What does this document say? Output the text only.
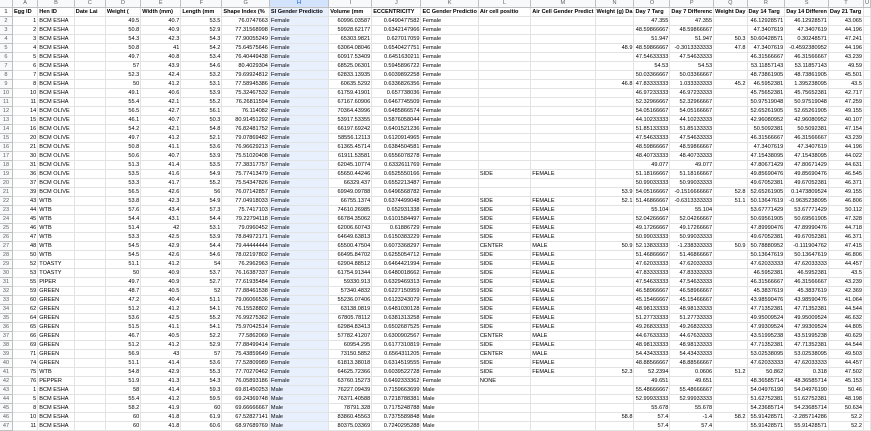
	A	B	C	D	E	F	G	H	I	J	K	L	M	N	O	P	Q	R	S	T	U
1	Egg ID	Hen ID	Date Lai	Weight (	Width (mm)	Length (mm	Shape Index (%	SI Gender Predictio	Volume (mm	ECCENTRICITY	EC Gender Predictio	Air cell positio	Air Cell Gender Predict	Weight (g) Da	Day 7 Targ	Day 7 Differenc	Weight Day	Day 14 Targ	Day 14 Differen	Day 21 Targ	
2	1	BCM ESHA		49.5	40.7	53.5	76.0747663	Female	60996.03587	0.6490477582	Female				47.355	47.355		46.12928571	46.12928571	43.065	
3	2	BCM ESHA		50.8	40.9	52.9	77.31568998	Female	59928.62177	0.6342147966	Female				48.59866667	48.59866667		47.3407619	47.3407619	44.196	
4	3	BCM ESHA		54.3	42.3	54.3	77.90055249	Female	65303.9821	0.627017059	Female				51.947	51.947	50.3	50.60428571	0.30248571	47.241	
5	4	BCM ESHA		50.8	41	54.2	75.64575646	Female	63064.08046	0.6540427751	Female			48.9	48.59866667	-0.3013333333	47.8	47.3407619	-0.4592380952	44.196	
6	5	BCM ESHA		49.7	40.8	53.4	76.40449438	Female	60917.53409	0.6451630211	Female				47.54633333	47.54633333		46.31566667	46.31566667	43.239	
7	6	BCM ESHA		57	43.9	54.6	80.4029304	Female	68525.06301	0.5945896722	Female				54.53	54.53		53.11857143	53.11857143	49.59	
8	7	BCM ESHA		52.3	42.4	53.2	79.69924812	Female	62833.13935	0.6039892258	Female				50.03366667	50.03366667		48.73861905	48.73861905	45.501	
9	8	BCM ESHA		50	41.2	53.1	77.58945386	Female	60635.5292	0.6336826356	Female			46.8	47.83333333	1.033333333	45.2	46.5952381	1.395238095	43.5	
10	10	BCM ESHA		49.1	40.6	53.9	75.32467532	Female	61759.41901	0.657738036	Female				46.97233333	46.97233333		45.75652381	45.75652381	42.717	
11	11	BCM ESHA		55.4	42.1	55.2	76.26811594	Female	67167.60906	0.6467745509	Female				52.32966667	52.32966667		50.97519048	50.97519048	47.259	
12	14	BCM OLIVE		56.5	42.7	56.1	76.114082	Female	70364.43996	0.6485866574	Female				54.05166667	54.05166667		52.65261905	52.65261905	49.155	
13	15	BCM OLIVE		46.1	40.7	50.3	80.91451292	Female	53917.53355	0.5876058044	Female				44.10233333	44.10233333		42.96080952	42.96080952	40.107	
14	16	BCM OLIVE		54.2	42.1	54.8	76.82481752	Female	66197.69242	0.6401521236	Female				51.85133333	51.85133333		50.5092381	50.5092381	47.154	
15	20	BCM OLIVE		49.7	41.2	52.1	79.07869482	Female	58556.12113	0.6120914965	Female				47.54633333	47.54633333		46.31566667	46.31566667	43.239	
16	21	BCM OLIVE		50.8	41.1	53.6	76.96629213	Female	61365.45714	0.6384504581	Female				48.59866667	48.59866667		47.3407619	47.3407619	44.196	
17	30	BCM OLIVE		50.6	40.7	53.9	75.51020408	Female	61911.53581	0.6556078278	Female				48.40733333	48.40733333		47.15438095	47.15438095	44.022	
18	31	BCM OLIVE		51.3	41.4	53.5	77.38317757	Female	62045.10774	0.6332611769	Female				49.077	49.077		47.80671429	47.80671429	44.631	
19	36	BCM OLIVE		53.5	41.6	54.9	75.77413479	Female	65650.44246	0.6525550166	Female	SIDE	FEMALE		51.18166667	51.18166667		49.85690476	49.85690476	46.545	
20	37	BCM OLIVE		53.3	41.7	55.2	75.54347826	Female	66329.437	0.6552213487	Female				50.99033333	50.99033333		49.67052381	49.67052381	46.371	
21	39	BCM OLIVE		56.5	42.6	56	76.07142857	Female	69949.09788	0.6496568782	Female			53.9	54.05166667	-0.1516666667	52.8	52.65261905	0.1473809524	49.155	
22	43	WTB		53.8	42.3	54.9	77.04918033	Female	66755.1374	0.6374499048	Female	SIDE	FEMALE	52.1	51.46866667	-0.6313333333	51.1	50.13647619	-0.9635238095	46.806	
23	44	WTB		57.6	43.4	57.3	75.7417103	Female	74610.26985	0.652931338	Female	SIDE	FEMALE		55.104	55.104		53.67771429	53.67771429	50.112	
24	45	WTB		54.4	43.1	54.4	79.22794118	Female	66784.35062	0.6101584497	Female	SIDE	FEMALE		52.04266667	52.04266667		50.69561905	50.69561905	47.328	
25	46	WTB		51.4	42	53.1	79.0960452	Female	62006.60743	0.61886729	Female	SIDE	FEMALE		49.17266667	49.17266667		47.89990476	47.89990476	44.718	
26	47	WTB		53.3	42.5	53.9	78.84972171	Female	64649.63813	0.6150383229	Female	SIDE	FEMALE		50.99033333	50.99033333		49.67052381	49.67052381	46.371	
27	48	WTB		54.5	42.9	54.4	79.44444444	Female	65500.47504	0.6073368297	Female	CENTER	MALE	50.9	52.13833333	-1.238333333	50.9	50.78880952	-0.111904762	47.415	
28	50	WTB		54.5	42.6	54.6	78.02197802	Female	66495.84702	0.6255054712	Female	SIDE	FEMALE		51.46866667	51.46866667		50.13647619	50.13647619	46.806	
29	52	TOASTY		51.1	41.2	54	76.2962963	Female	62904.88512	0.6464421994	Female	SIDE	FEMALE		47.62033333	47.62033333		47.62033333	47.62033333	44.457	
30	53	TOASTY		50	40.9	53.7	76.16387337	Female	61754.91344	0.6480018662	Female	SIDE	FEMALE		47.83333333	47.83333333		46.5952381	46.5952381	43.5	
31	55	PIPER		49.7	40.9	52.7	77.61935484	Female	59330.913	0.6329469313	Female	SIDE	FEMALE		47.54633333	47.54633333		46.31566667	46.31566667	43.239	
32	59	GREEN		48.7	40.5	52	77.88461538	Female	57340.4832	0.6227150959	Female	SIDE	FEMALE		46.58966667	46.58966667		45.3837619	45.3837619	42.369	
33	60	GREEN		47.2	40.4	51.1	79.06066536	Female	55236.07406	0.6123243079	Female	SIDE	FEMALE		45.15466667	45.15466667		43.98590476	43.98590476	41.064	
34	62	GREEN		51.2	41.2	54.1	76.15528802	Female	63138.0819	0.6481030128	Female	SIDE	FEMALE		48.98133333	48.98133333		47.71352381	47.71352381	44.544	
35	64	GREEN		53.6	42.5	55.2	76.99275362	Female	67805.78112	0.6381313258	Female	SIDE	FEMALE		51.27733333	51.27733333		49.95009524	49.95009524	46.632	
36	65	GREEN		51.5	41.1	54.1	75.97042514	Female	62984.83413	0.6502687525	Female	SIDE	FEMALE		49.26833333	49.26833333		47.99309524	47.99309524	44.805	
37	66	GREEN		46.7	40.5	52.2	77.5862069	Female	57782.41207	0.6300902567	Female	CENTER	MALE		44.67633333	44.67633333		43.51995238	43.51995238	40.629	
38	69	GREEN		51.2	41.2	52.9	77.88499414	Female	60954.295	0.6177310819	Female	SIDE	FEMALE		48.98133333	48.98133333		47.71352381	47.71352381	44.544	
39	71	GREEN		56.9	43	57	75.43859649	Female	73150.5852	0.6564311205	Female	CENTER	MALE		54.43433333	54.43433333		53.02538095	53.02538095	49.503	
40	74	GREEN		51.1	41.4	53.6	77.52809989	Female	61813.38018	0.6314519555	Female	SIDE	FEMALE		48.88566667	48.88566667		47.62033333	47.62033333	44.457	
41	75	WTB		54.8	42.9	55.3	77.70270462	Female	64625.72366	0.6039522728	Female	SIDE	FEMALE	52.3	52.2394	0.0606	51.2	50.862	0.318	47.502	
42	76	PEPPER		51.9	41.3	54.3	76.05893186	Female	63760.15273	0.6492333362	Female	NONE			49.651	49.651		48.36585714	48.36585714	45.153	
43	1	BCM ESHA		58	41.4	59.3	69.81450253	Male	76227.09439	0.7159663699	Male				55.48666667	55.48666667		54.04976190	54.04976190	50.46	
44	5	BCM ESHA		55.4	41.2	59.5	69.24369748	Male	76371.40588	0.7218788381	Male				52.99933333	52.99933333		51.62752381	51.62752381	48.198	
45	8	BCM ESHA		58.2	41.9	60	69.66666667	Male	78791.328	0.7175248788	Male				55.678	55.678		54.23685714	54.23685714	50.634	
46	10	BCM ESHA		60	41.8	61.9	67.52827141	Male	83860.45563	0.7375589848	Male			58.8	57.4	-1.4	58.2	55.91428571	-2.285714286	52.2	
47	11	BCM ESHA		60	41.8	60.6	68.97689769	Male	80375.03369	0.7240295288	Male				57.4	57.4		55.91428571	55.91428571	52.2	
